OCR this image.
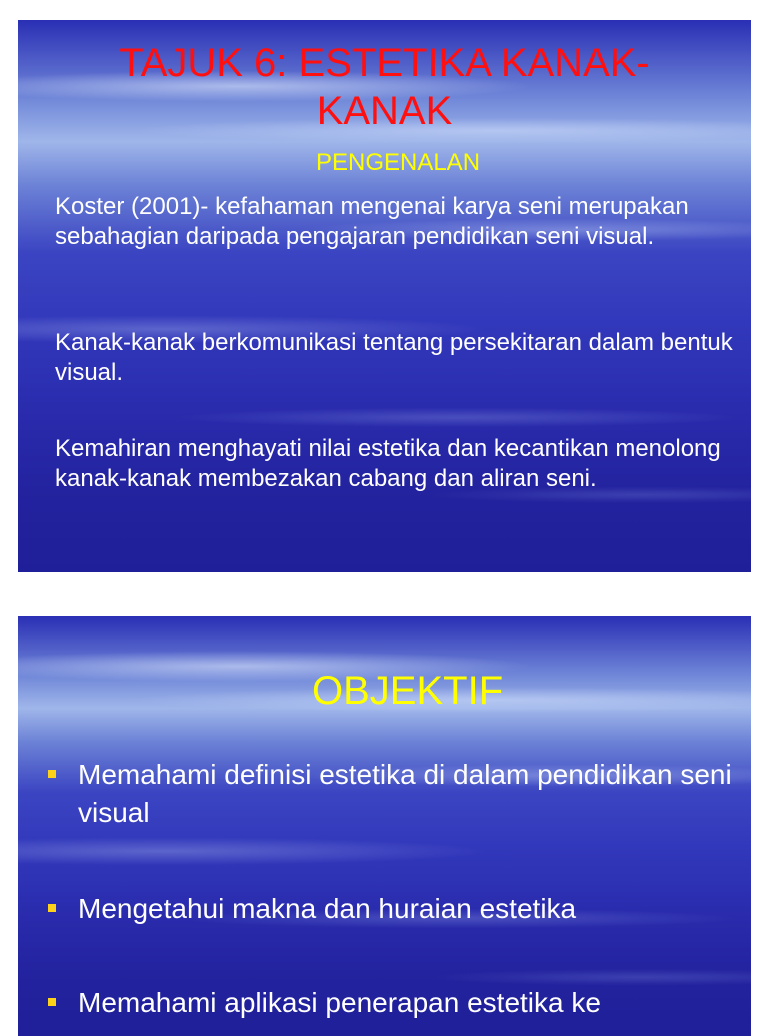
TAJUK 6: ESTETIKA KANAK-
KANAK
PENGENALAN

Koster (2001)- kefahaman mengenai karya seni merupakan sebahagian daripada pengajaran pendidikan seni visual.

Kanak-kanak berkomunikasi tentang persekitaran dalam bentuk visual.

Kemahiran menghayati nilai estetika dan kecantikan menolong kanak-kanak membezakan cabang dan aliran seni.

OBJEKTIF
Memahami definisi estetika di dalam pendidikan seni visual
Mengetahui makna dan huraian estetika
Memahami aplikasi penerapan estetika ke
